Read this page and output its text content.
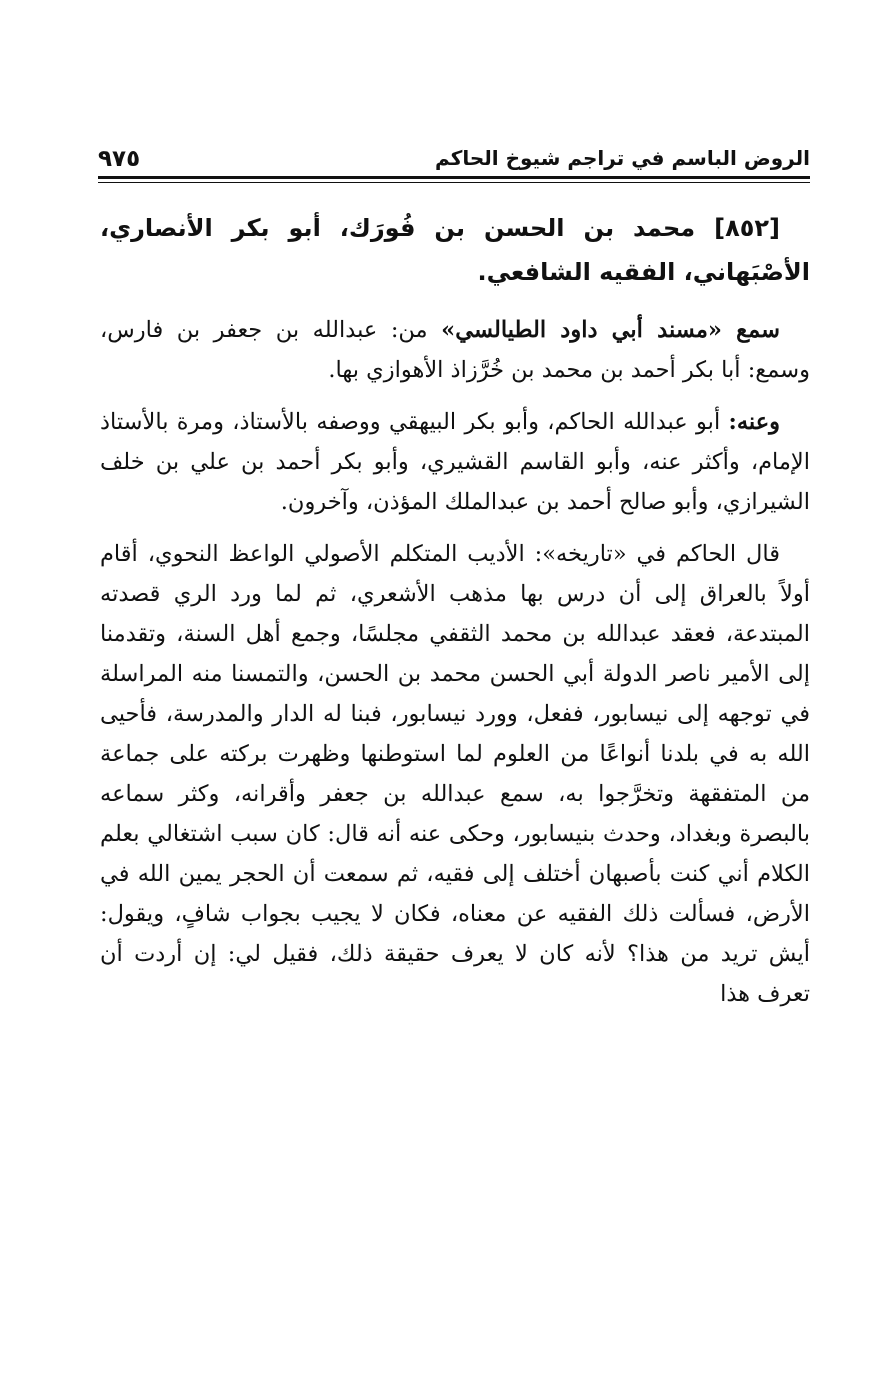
الروض الباسم في تراجم شيوخ الحاكم
٩٧٥

[٨٥٢] محمد بن الحسن بن فُورَك، أبو بكر الأنصاري، الأصْبَهاني، الفقيه الشافعي.

سمع «مسند أبي داود الطيالسي» من: عبدالله بن جعفر بن فارس، وسمع: أبا بكر أحمد بن محمد بن خُرَّزاذ الأهوازي بها.

وعنه: أبو عبدالله الحاكم، وأبو بكر البيهقي ووصفه بالأستاذ، ومرة بالأستاذ الإمام، وأكثر عنه، وأبو القاسم القشيري، وأبو بكر أحمد بن علي بن خلف الشيرازي، وأبو صالح أحمد بن عبدالملك المؤذن، وآخرون.

قال الحاكم في «تاريخه»: الأديب المتكلم الأصولي الواعظ النحوي، أقام أولاً بالعراق إلى أن درس بها مذهب الأشعري، ثم لما ورد الري قصدته المبتدعة، فعقد عبدالله بن محمد الثقفي مجلسًا، وجمع أهل السنة، وتقدمنا إلى الأمير ناصر الدولة أبي الحسن محمد بن الحسن، والتمسنا منه المراسلة في توجهه إلى نيسابور، ففعل، وورد نيسابور، فبنا له الدار والمدرسة، فأحيى الله به في بلدنا أنواعًا من العلوم لما استوطنها وظهرت بركته على جماعة من المتفقهة وتخرَّجوا به، سمع عبدالله بن جعفر وأقرانه، وكثر سماعه بالبصرة وبغداد، وحدث بنيسابور، وحكى عنه أنه قال: كان سبب اشتغالي بعلم الكلام أني كنت بأصبهان أختلف إلى فقيه، ثم سمعت أن الحجر يمين الله في الأرض، فسألت ذلك الفقيه عن معناه، فكان لا يجيب بجواب شافٍ، ويقول: أيش تريد من هذا؟ لأنه كان لا يعرف حقيقة ذلك، فقيل لي: إن أردت أن تعرف هذا
